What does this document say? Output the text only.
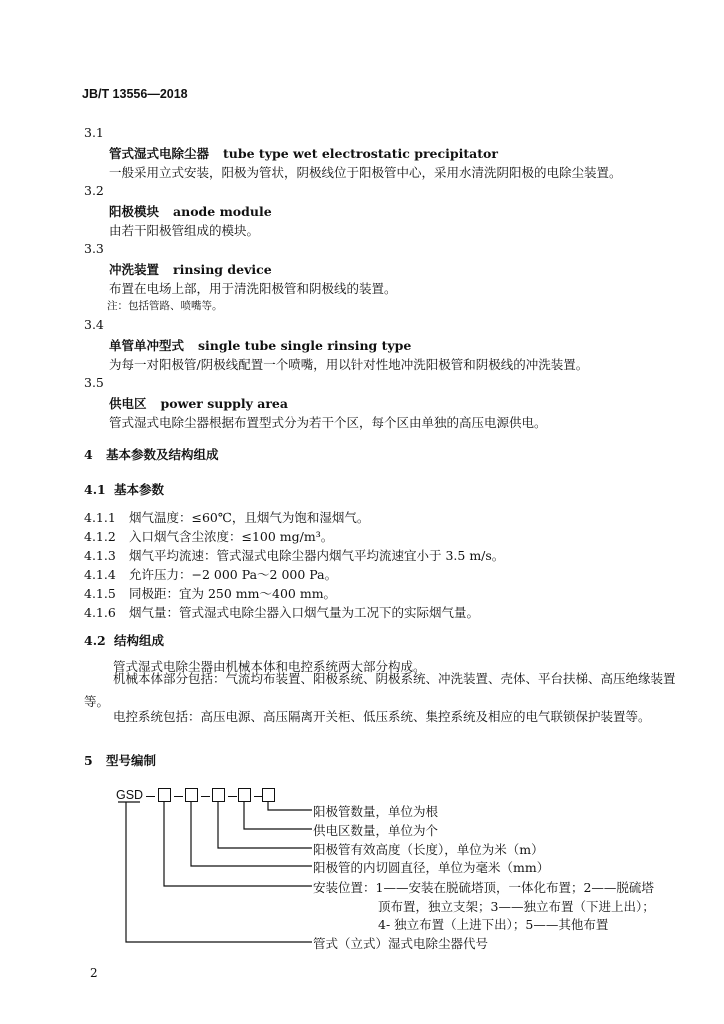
JB/T 13556—2018
3.1
管式湿式电除尘器 tube type wet electrostatic precipitator
一般采用立式安装，阳极为管状，阴极线位于阳极管中心，采用水清洗阴阳极的电除尘装置。
3.2
阳极模块 anode module
由若干阳极管组成的模块。
3.3
冲洗装置 rinsing device
布置在电场上部，用于清洗阳极管和阴极线的装置。
注：包括管路、喷嘴等。
3.4
单管单冲型式 single tube single rinsing type
为每一对阳极管/阴极线配置一个喷嘴，用以针对性地冲洗阳极管和阴极线的冲洗装置。
3.5
供电区 power supply area
管式湿式电除尘器根据布置型式分为若干个区，每个区由单独的高压电源供电。
4 基本参数及结构组成
4.1 基本参数
4.1.1 烟气温度：≤60℃，且烟气为饱和湿烟气。
4.1.2 入口烟气含尘浓度：≤100 mg/m³。
4.1.3 烟气平均流速：管式湿式电除尘器内烟气平均流速宜小于 3.5 m/s。
4.1.4 允许压力：−2 000 Pa～2 000 Pa。
4.1.5 同极距：宜为 250 mm～400 mm。
4.1.6 烟气量：管式湿式电除尘器入口烟气量为工况下的实际烟气量。
4.2 结构组成
管式湿式电除尘器由机械本体和电控系统两大部分构成。
机械本体部分包括：气流均布装置、阳极系统、阴极系统、冲洗装置、壳体、平台扶梯、高压绝缘装置等。
电控系统包括：高压电源、高压隔离开关柜、低压系统、集控系统及相应的电气联锁保护装置等。
5 型号编制
GSD
阳极管数量，单位为根
供电区数量，单位为个
阳极管有效高度（长度），单位为米（m）
阳极管的内切圆直径，单位为毫米（mm）
安装位置：1——安装在脱硫塔顶，一体化布置；2——脱硫塔
顶布置，独立支架；3——独立布置（下进上出）；
4- 独立布置（上进下出）；5——其他布置
管式（立式）湿式电除尘器代号
2
